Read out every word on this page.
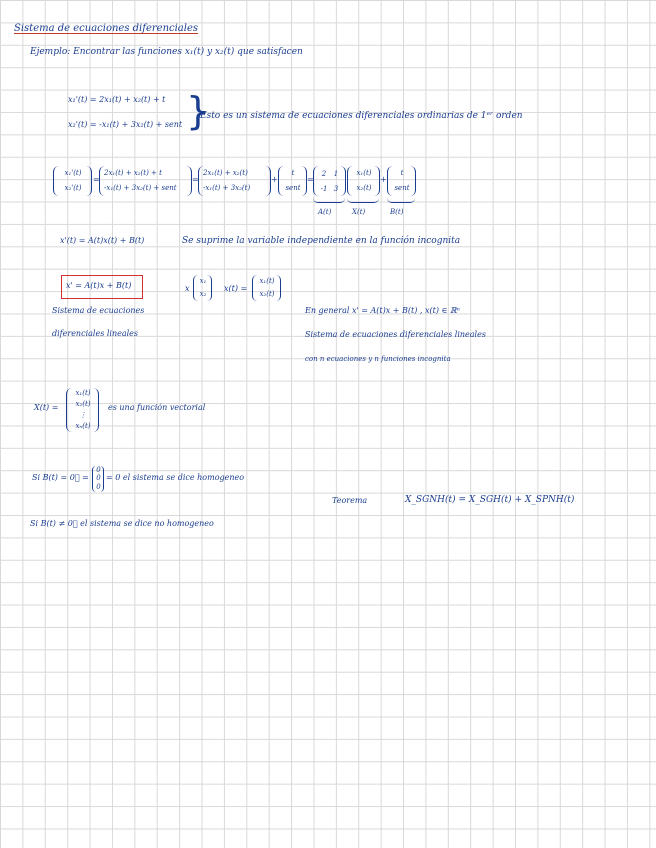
Sistema de ecuaciones diferenciales
Ejemplo: Encontrar las funciones x₁(t) y x₂(t) que satisfacen
x₁'(t) = 2x₁(t) + x₂(t) + t
x₂'(t) = -x₁(t) + 3x₂(t) + sent }
Esto es un sistema de ecuaciones diferenciales ordinarias de 1ᵉʳ orden
x₁'(t)
x₂'(t)
=
2x₁(t) + x₂(t) + t
-x₁(t) + 3x₂(t) + sent
=
2x₁(t) + x₂(t)
-x₁(t) + 3x₂(t)
+
t
sent
=
2 1
-1 3
x₁(t)
x₂(t)
+
t
sent
A(t)	X(t)	B(t)
x'(t) = A(t)x(t) + B(t)	Se suprime la variable independiente en la función incognita
x' = A(t)x + B(t)
Sistema de ecuaciones
diferenciales lineales
x
x₁
x₂
x(t) =
x₁(t)
x₂(t)
En general x' = A(t)x + B(t) , x(t) ∈ ℝⁿ
Sistema de ecuaciones diferenciales lineales
con n ecuaciones y n funciones incognita
X(t) =
x₁(t)
x₂(t)
⋮
xₙ(t)
es una función vectorial
Si B(t) = 0⃗ =
0
0
0
= 0 el sistema se dice homogeneo
Si B(t) ≠ 0⃗ el sistema se dice no homogeneo
Teorema	X_SGNH(t) = X_SGH(t) + X_SPNH(t)
